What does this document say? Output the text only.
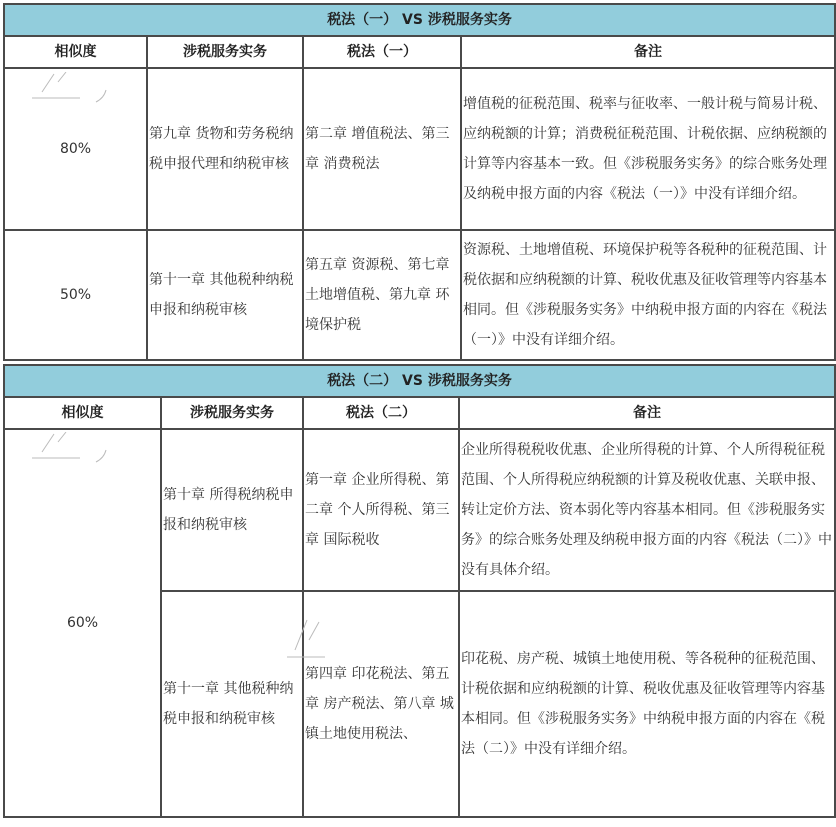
税法（一） VS 涉税服务实务			
相似度	涉税服务实务	税法（一）	备注
80%	第九章 货物和劳务税纳税申报代理和纳税审核	第二章 增值税法、第三章 消费税法	增值税的征税范围、税率与征收率、一般计税与简易计税、应纳税额的计算；消费税征税范围、计税依据、应纳税额的计算等内容基本一致。但《涉税服务实务》的综合账务处理及纳税申报方面的内容《税法（一）》中没有详细介绍。
50%	第十一章 其他税种纳税申报和纳税审核	第五章 资源税、第七章 土地增值税、第九章 环境保护税	资源税、土地增值税、环境保护税等各税种的征税范围、计税依据和应纳税额的计算、税收优惠及征收管理等内容基本相同。但《涉税服务实务》中纳税申报方面的内容在《税法（一）》中没有详细介绍。
税法（二） VS 涉税服务实务			
相似度	涉税服务实务	税法（二）	备注
60%	第十章 所得税纳税申报和纳税审核	第一章 企业所得税、第二章 个人所得税、第三章 国际税收	企业所得税税收优惠、企业所得税的计算、个人所得税征税范围、个人所得税应纳税额的计算及税收优惠、关联申报、转让定价方法、资本弱化等内容基本相同。但《涉税服务实务》的综合账务处理及纳税申报方面的内容《税法（二）》中没有具体介绍。
	第十一章 其他税种纳税申报和纳税审核	第四章 印花税法、第五章 房产税法、第八章 城镇土地使用税法、	印花税、房产税、城镇土地使用税、等各税种的征税范围、计税依据和应纳税额的计算、税收优惠及征收管理等内容基本相同。但《涉税服务实务》中纳税申报方面的内容在《税法（二）》中没有详细介绍。
